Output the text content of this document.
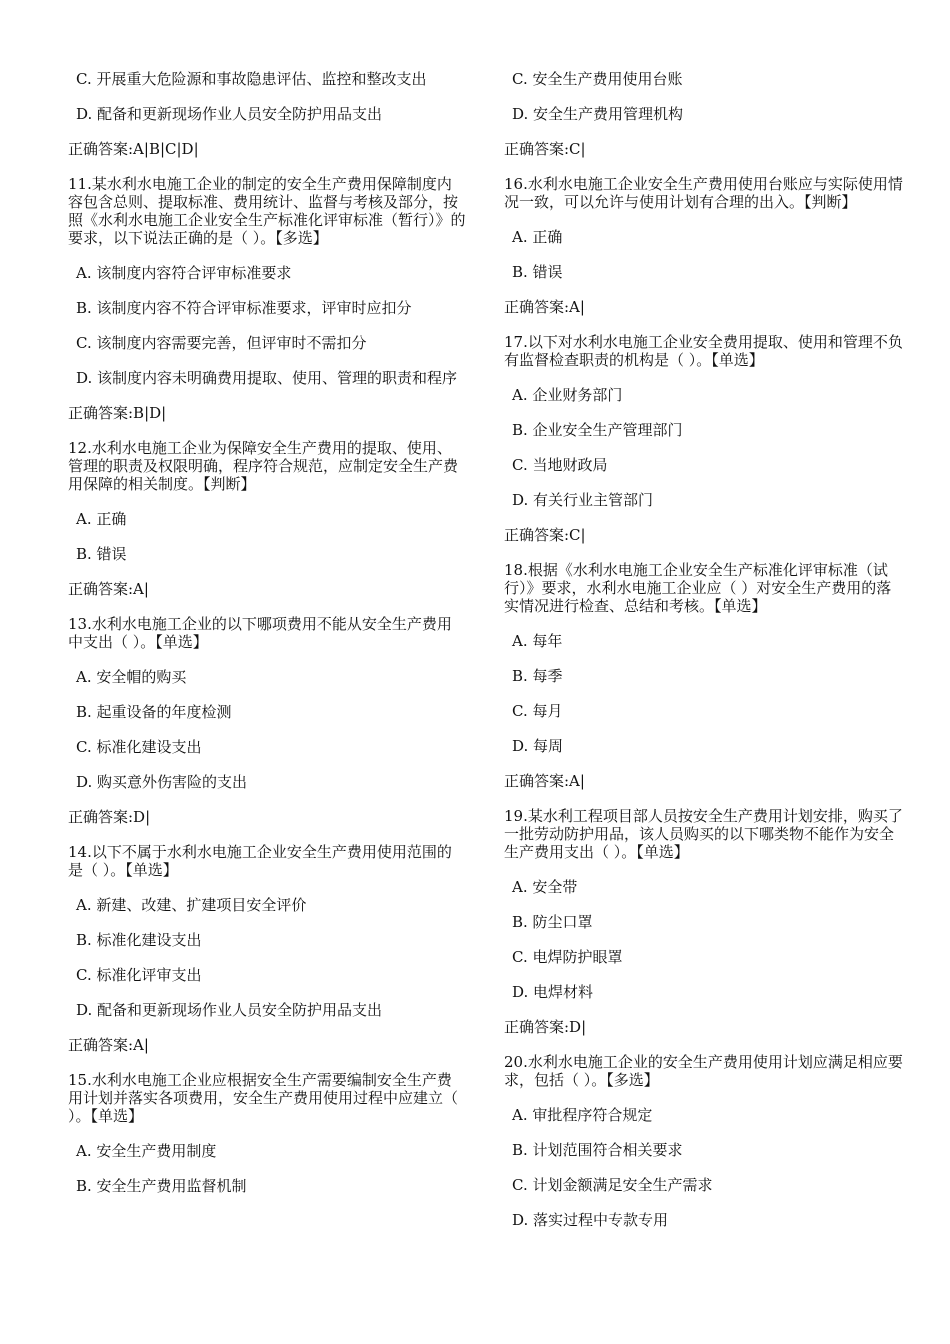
C. 开展重大危险源和事故隐患评估、监控和整改支出

D. 配备和更新现场作业人员安全防护用品支出

正确答案:A|B|C|D|

11.某水利水电施工企业的制定的安全生产费用保障制度内容包含总则、提取标准、费用统计、监督与考核及部分，按照《水利水电施工企业安全生产标准化评审标准（暂行）》的要求，以下说法正确的是（ ）。【多选】

A. 该制度内容符合评审标准要求

B. 该制度内容不符合评审标准要求，评审时应扣分

C. 该制度内容需要完善，但评审时不需扣分

D. 该制度内容未明确费用提取、使用、管理的职责和程序

正确答案:B|D|

12.水利水电施工企业为保障安全生产费用的提取、使用、管理的职责及权限明确，程序符合规范，应制定安全生产费用保障的相关制度。【判断】

A. 正确

B. 错误

正确答案:A|

13.水利水电施工企业的以下哪项费用不能从安全生产费用中支出（ ）。【单选】

A. 安全帽的购买

B. 起重设备的年度检测

C. 标准化建设支出

D. 购买意外伤害险的支出

正确答案:D|

14.以下不属于水利水电施工企业安全生产费用使用范围的是（ ）。【单选】

A. 新建、改建、扩建项目安全评价

B. 标准化建设支出

C. 标准化评审支出

D. 配备和更新现场作业人员安全防护用品支出

正确答案:A|

15.水利水电施工企业应根据安全生产需要编制安全生产费用计划并落实各项费用，安全生产费用使用过程中应建立（ ）。【单选】

A. 安全生产费用制度

B. 安全生产费用监督机制

C. 安全生产费用使用台账

D. 安全生产费用管理机构

正确答案:C|

16.水利水电施工企业安全生产费用使用台账应与实际使用情况一致，可以允许与使用计划有合理的出入。【判断】

A. 正确

B. 错误

正确答案:A|

17.以下对水利水电施工企业安全费用提取、使用和管理不负有监督检查职责的机构是（ ）。【单选】

A. 企业财务部门

B. 企业安全生产管理部门

C. 当地财政局

D. 有关行业主管部门

正确答案:C|

18.根据《水利水电施工企业安全生产标准化评审标准（试行）》要求，水利水电施工企业应（ ）对安全生产费用的落实情况进行检查、总结和考核。【单选】

A. 每年

B. 每季

C. 每月

D. 每周

正确答案:A|

19.某水利工程项目部人员按安全生产费用计划安排，购买了一批劳动防护用品，该人员购买的以下哪类物不能作为安全生产费用支出（ ）。【单选】

A. 安全带

B. 防尘口罩

C. 电焊防护眼罩

D. 电焊材料

正确答案:D|

20.水利水电施工企业的安全生产费用使用计划应满足相应要求，包括（ ）。【多选】

A. 审批程序符合规定

B. 计划范围符合相关要求

C. 计划金额满足安全生产需求

D. 落实过程中专款专用
